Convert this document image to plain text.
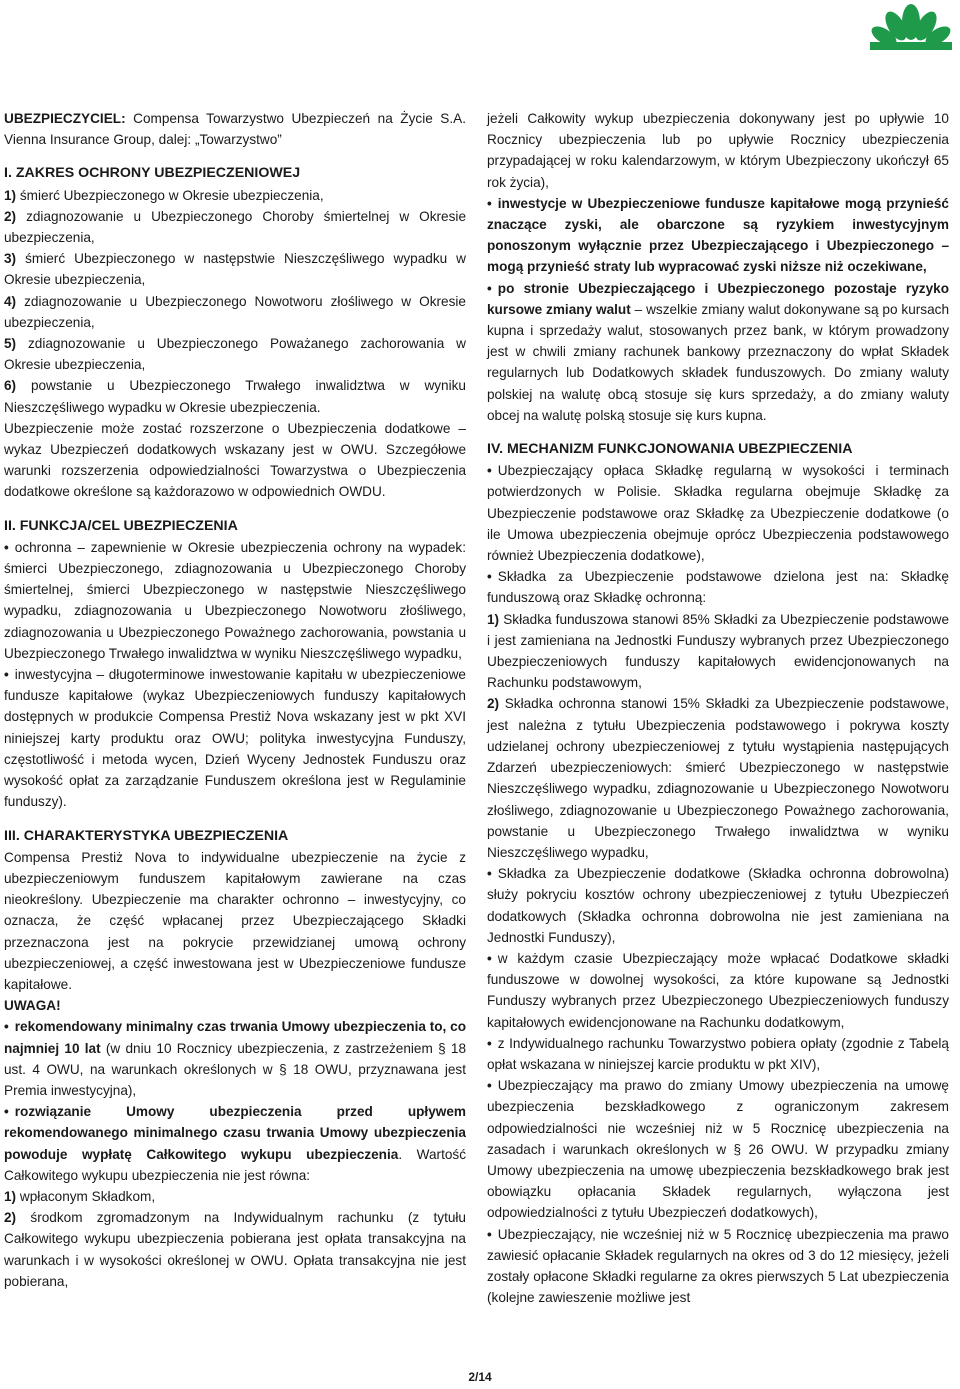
UBEZPIECZYCIEL: Compensa Towarzystwo Ubezpieczeń na Życie S.A. Vienna Insurance Group, dalej: „Towarzystwo”

I. ZAKRES OCHRONY UBEZPIECZENIOWEJ

1) śmierć Ubezpieczonego w Okresie ubezpieczenia,

2) zdiagnozowanie u Ubezpieczonego Choroby śmiertelnej w Okresie ubezpieczenia,

3) śmierć Ubezpieczonego w następstwie Nieszczęśliwego wypadku w Okresie ubezpieczenia,

4) zdiagnozowanie u Ubezpieczonego Nowotworu złośliwego w Okresie ubezpieczenia,

5) zdiagnozowanie u Ubezpieczonego Poważanego zachorowania w Okresie ubezpieczenia,

6) powstanie u Ubezpieczonego Trwałego inwalidztwa w wyniku Nieszczęśliwego wypadku w Okresie ubezpieczenia.

Ubezpieczenie może zostać rozszerzone o Ubezpieczenia dodatkowe – wykaz Ubezpieczeń dodatkowych wskazany jest w OWU. Szczegółowe warunki rozszerzenia odpowiedzialności Towarzystwa o Ubezpieczenia dodatkowe określone są każdorazowo w odpowiednich OWDU.

II. FUNKCJA/CEL UBEZPIECZENIA

• ochronna – zapewnienie w Okresie ubezpieczenia ochrony na wypadek: śmierci Ubezpieczonego, zdiagnozowania u Ubezpieczonego Choroby śmiertelnej, śmierci Ubezpieczonego w następstwie Nieszczęśliwego wypadku, zdiagnozowania u Ubezpieczonego Nowotworu złośliwego, zdiagnozowania u Ubezpieczonego Poważnego zachorowania, powstania u Ubezpieczonego Trwałego inwalidztwa w wyniku Nieszczęśliwego wypadku,

• inwestycyjna – długoterminowe inwestowanie kapitału w ubezpieczeniowe fundusze kapitałowe (wykaz Ubezpieczeniowych funduszy kapitałowych dostępnych w produkcie Compensa Prestiż Nova wskazany jest w pkt XVI niniejszej karty produktu oraz OWU; polityka inwestycyjna Funduszy, częstotliwość i metoda wycen, Dzień Wyceny Jednostek Funduszu oraz wysokość opłat za zarządzanie Funduszem określona jest w Regulaminie funduszy).

III. CHARAKTERYSTYKA UBEZPIECZENIA

Compensa Prestiż Nova to indywidualne ubezpieczenie na życie z ubezpieczeniowym funduszem kapitałowym zawierane na czas nieokreślony. Ubezpieczenie ma charakter ochronno – inwestycyjny, co oznacza, że część wpłacanej przez Ubezpieczającego Składki przeznaczona jest na pokrycie przewidzianej umową ochrony ubezpieczeniowej, a część inwestowana jest w Ubezpieczeniowe fundusze kapitałowe.

UWAGA!

• rekomendowany minimalny czas trwania Umowy ubezpieczenia to, co najmniej 10 lat (w dniu 10 Rocznicy ubezpieczenia, z zastrzeżeniem § 18 ust. 4 OWU, na warunkach określonych w § 18 OWU, przyznawana jest Premia inwestycyjna),

• rozwiązanie Umowy ubezpieczenia przed upływem rekomendowanego minimalnego czasu trwania Umowy ubezpieczenia powoduje wypłatę Całkowitego wykupu ubezpieczenia. Wartość Całkowitego wykupu ubezpieczenia nie jest równa:

1) wpłaconym Składkom,

2) środkom zgromadzonym na Indywidualnym rachunku (z tytułu Całkowitego wykupu ubezpieczenia pobierana jest opłata transakcyjna na warunkach i w wysokości określonej w OWU. Opłata transakcyjna nie jest pobierana,

jeżeli Całkowity wykup ubezpieczenia dokonywany jest po upływie 10 Rocznicy ubezpieczenia lub po upływie Rocznicy ubezpieczenia przypadającej w roku kalendarzowym, w którym Ubezpieczony ukończył 65 rok życia),

• inwestycje w Ubezpieczeniowe fundusze kapitałowe mogą przynieść znaczące zyski, ale obarczone są ryzykiem inwestycyjnym ponoszonym wyłącznie przez Ubezpieczającego i Ubezpieczonego – mogą przynieść straty lub wypracować zyski niższe niż oczekiwane,

• po stronie Ubezpieczającego i Ubezpieczonego pozostaje ryzyko kursowe zmiany walut – wszelkie zmiany walut dokonywane są po kursach kupna i sprzedaży walut, stosowanych przez bank, w którym prowadzony jest w chwili zmiany rachunek bankowy przeznaczony do wpłat Składek regularnych lub Dodatkowych składek funduszowych. Do zmiany waluty polskiej na walutę obcą stosuje się kurs sprzedaży, a do zmiany waluty obcej na walutę polską stosuje się kurs kupna.

IV. MECHANIZM FUNKCJONOWANIA UBEZPIECZENIA

• Ubezpieczający opłaca Składkę regularną w wysokości i terminach potwierdzonych w Polisie. Składka regularna obejmuje Składkę za Ubezpieczenie podstawowe oraz Składkę za Ubezpieczenie dodatkowe (o ile Umowa ubezpieczenia obejmuje oprócz Ubezpieczenia podstawowego również Ubezpieczenia dodatkowe),

• Składka za Ubezpieczenie podstawowe dzielona jest na: Składkę funduszową oraz Składkę ochronną:

1) Składka funduszowa stanowi 85% Składki za Ubezpieczenie podstawowe i jest zamieniana na Jednostki Funduszy wybranych przez Ubezpieczonego Ubezpieczeniowych funduszy kapitałowych ewidencjonowanych na Rachunku podstawowym,

2) Składka ochronna stanowi 15% Składki za Ubezpieczenie podstawowe, jest należna z tytułu Ubezpieczenia podstawowego i pokrywa koszty udzielanej ochrony ubezpieczeniowej z tytułu wystąpienia następujących Zdarzeń ubezpieczeniowych: śmierć Ubezpieczonego w następstwie Nieszczęśliwego wypadku, zdiagnozowanie u Ubezpieczonego Nowotworu złośliwego, zdiagnozowanie u Ubezpieczonego Poważnego zachorowania, powstanie u Ubezpieczonego Trwałego inwalidztwa w wyniku Nieszczęśliwego wypadku,

• Składka za Ubezpieczenie dodatkowe (Składka ochronna dobrowolna) służy pokryciu kosztów ochrony ubezpieczeniowej z tytułu Ubezpieczeń dodatkowych (Składka ochronna dobrowolna nie jest zamieniana na Jednostki Funduszy),

• w każdym czasie Ubezpieczający może wpłacać Dodatkowe składki funduszowe w dowolnej wysokości, za które kupowane są Jednostki Funduszy wybranych przez Ubezpieczonego Ubezpieczeniowych funduszy kapitałowych ewidencjonowane na Rachunku dodatkowym,

• z Indywidualnego rachunku Towarzystwo pobiera opłaty (zgodnie z Tabelą opłat wskazana w niniejszej karcie produktu w pkt XIV),

• Ubezpieczający ma prawo do zmiany Umowy ubezpieczenia na umowę ubezpieczenia bezskładkowego z ograniczonym zakresem odpowiedzialności nie wcześniej niż w 5 Rocznicę ubezpieczenia na zasadach i warunkach określonych w § 26 OWU. W przypadku zmiany Umowy ubezpieczenia na umowę ubezpieczenia bezskładkowego brak jest obowiązku opłacania Składek regularnych, wyłączona jest odpowiedzialności z tytułu Ubezpieczeń dodatkowych),

• Ubezpieczający, nie wcześniej niż w 5 Rocznicę ubezpieczenia ma prawo zawiesić opłacanie Składek regularnych na okres od 3 do 12 miesięcy, jeżeli zostały opłacone Składki regularne za okres pierwszych 5 Lat ubezpieczenia (kolejne zawieszenie możliwe jest

2/14
